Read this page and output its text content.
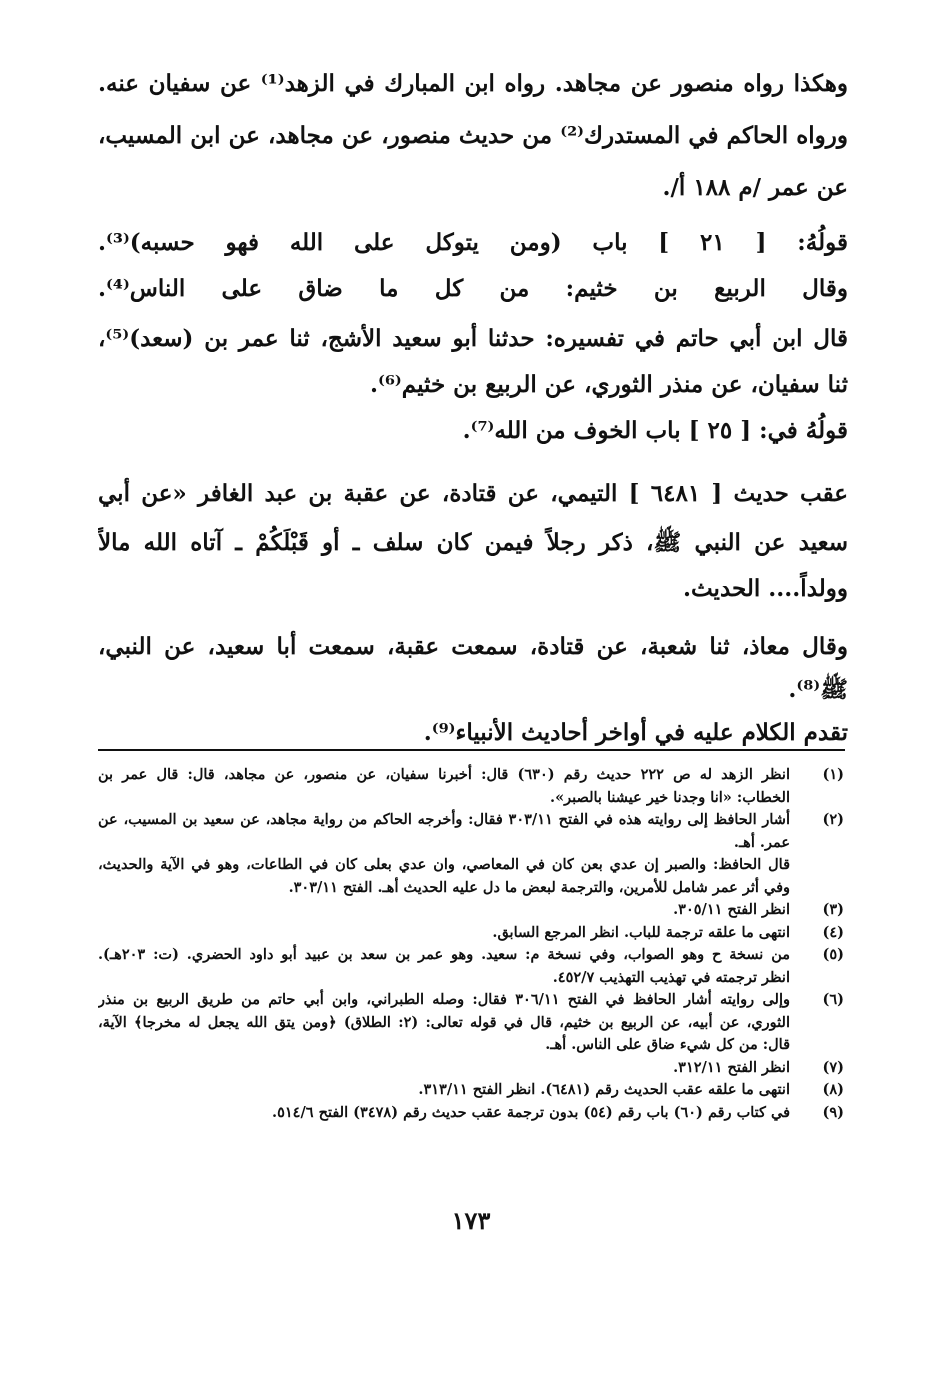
وهكذا رواه منصور عن مجاهد. رواه ابن المبارك في الزهد⁽¹⁾ عن سفيان عنه.
ورواه الحاكم في المستدرك⁽²⁾ من حديث منصور، عن مجاهد، عن ابن المسيب،
عن عمر /م ١٨٨ أ/.
قولُهُ: [ ٢١ ] باب (ومن يتوكل على الله فهو حسبه)⁽³⁾.
وقال الربيع بن خثيم: من كل ما ضاق على الناس⁽⁴⁾.
قال ابن أبي حاتم في تفسيره: حدثنا أبو سعيد الأشج، ثنا عمر بن (سعد)⁽⁵⁾،
ثنا سفيان، عن منذر الثوري، عن الربيع بن خثيم⁽⁶⁾.
قولُهُ في: [ ٢٥ ] باب الخوف من الله⁽⁷⁾.
عقب حديث [ ٦٤٨١ ] التيمي، عن قتادة، عن عقبة بن عبد الغافر «عن أبي
سعيد عن النبي ﷺ، ذكر رجلاً فيمن كان سلف ـ أو قَبْلَكُمْ ـ آتاه الله مالاً
وولداً.... الحديث.
وقال معاذ، ثنا شعبة، عن قتادة، سمعت عقبة، سمعت أبا سعيد، عن النبي،
ﷺ⁽⁸⁾.
تقدم الكلام عليه في أواخر أحاديث الأنبياء⁽⁹⁾.
(١)
انظر الزهد له ص ٢٢٢ حديث رقم (٦٣٠) قال: أخبرنا سفيان، عن منصور، عن مجاهد، قال: قال عمر بن
الخطاب: «انا وجدنا خير عيشنا بالصبر».
(٢)
أشار الحافظ إلى روايته هذه في الفتح ٣٠٣/١١ فقال: وأخرجه الحاكم من رواية مجاهد، عن سعيد بن المسيب، عن
عمر. أهـ.
قال الحافظ: والصبر إن عدي بعن كان في المعاصي، وان عدي بعلى كان في الطاعات، وهو في الآية والحديث،
وفي أثر عمر شامل للأمرين، والترجمة لبعض ما دل عليه الحديث أهـ. الفتح ٣٠٣/١١.
(٣)
انظر الفتح ٣٠٥/١١.
(٤)
انتهى ما علقه ترجمة للباب. انظر المرجع السابق.
(٥)
من نسخة ح وهو الصواب، وفي نسخة م: سعيد. وهو عمر بن سعد بن عبيد أبو داود الحضري. (ت: ٢٠٣هـ).
انظر ترجمته في تهذيب التهذيب ٤٥٢/٧.
(٦)
وإلى روايته أشار الحافظ في الفتح ٣٠٦/١١ فقال: وصله الطبراني، وابن أبي حاتم من طريق الربيع بن منذر
الثوري، عن أبيه، عن الربيع بن خثيم، قال في قوله تعالى: (٢: الطلاق) ﴿ومن يتق الله يجعل له مخرجا﴾ الآية،
قال: من كل شيء ضاق على الناس. أهـ.
(٧)
انظر الفتح ٣١٢/١١.
(٨)
انتهى ما علقه عقب الحديث رقم (٦٤٨١). انظر الفتح ٣١٣/١١.
(٩)
في كتاب رقم (٦٠) باب رقم (٥٤) بدون ترجمة عقب حديث رقم (٣٤٧٨) الفتح ٥١٤/٦.
١٧٣
